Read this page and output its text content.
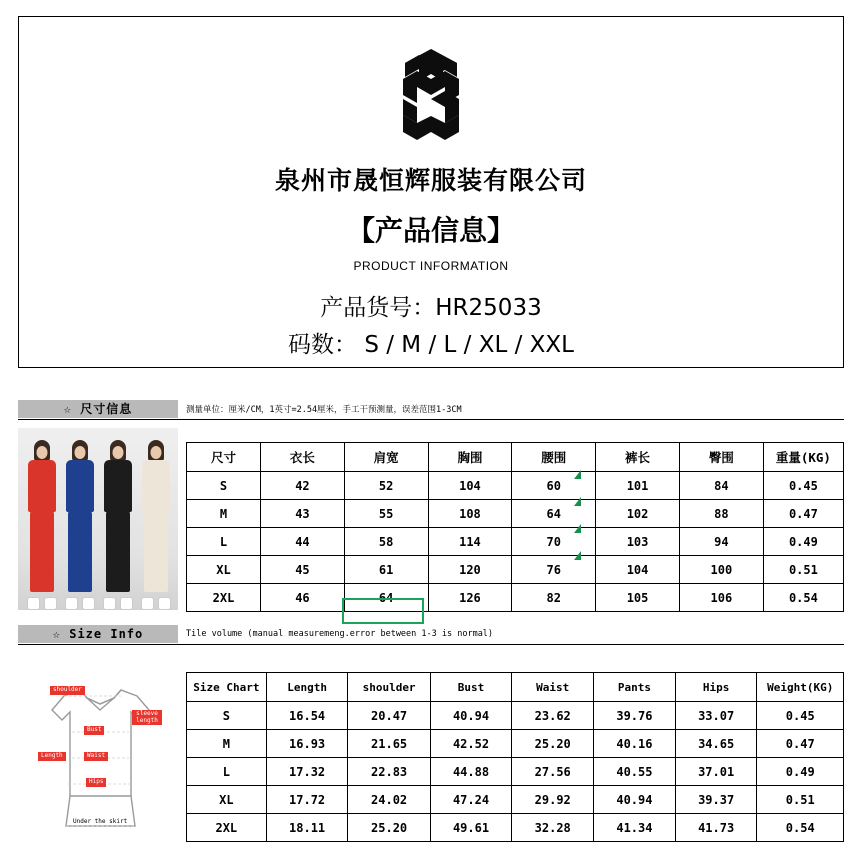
泉州市晟恒辉服装有限公司
【产品信息】
PRODUCT INFORMATION
产品货号：HR25033
码数： S / M / L / XL / XXL
☆ 尺寸信息	测量单位：厘米/CM，1英寸=2.54厘米，手工干预测量，误差范围1-3CM
尺寸	衣长	肩宽	胸围	腰围	裤长	臀围	重量(KG)
S	42	52	104	60	101	84	0.45
M	43	55	108	64	102	88	0.47
L	44	58	114	70	103	94	0.49
XL	45	61	120	76	104	100	0.51
2XL	46	64	126	82	105	106	0.54
☆ Size Info	Tile volume (manual measuremeng.error between 1-3 is normal)
shoulder
sleeve length
Bust
Length	Waist
Hips
Under the skirt
Size Chart	Length	shoulder	Bust	Waist	Pants	Hips	Weight(KG)
S	16.54	20.47	40.94	23.62	39.76	33.07	0.45
M	16.93	21.65	42.52	25.20	40.16	34.65	0.47
L	17.32	22.83	44.88	27.56	40.55	37.01	0.49
XL	17.72	24.02	47.24	29.92	40.94	39.37	0.51
2XL	18.11	25.20	49.61	32.28	41.34	41.73	0.54
